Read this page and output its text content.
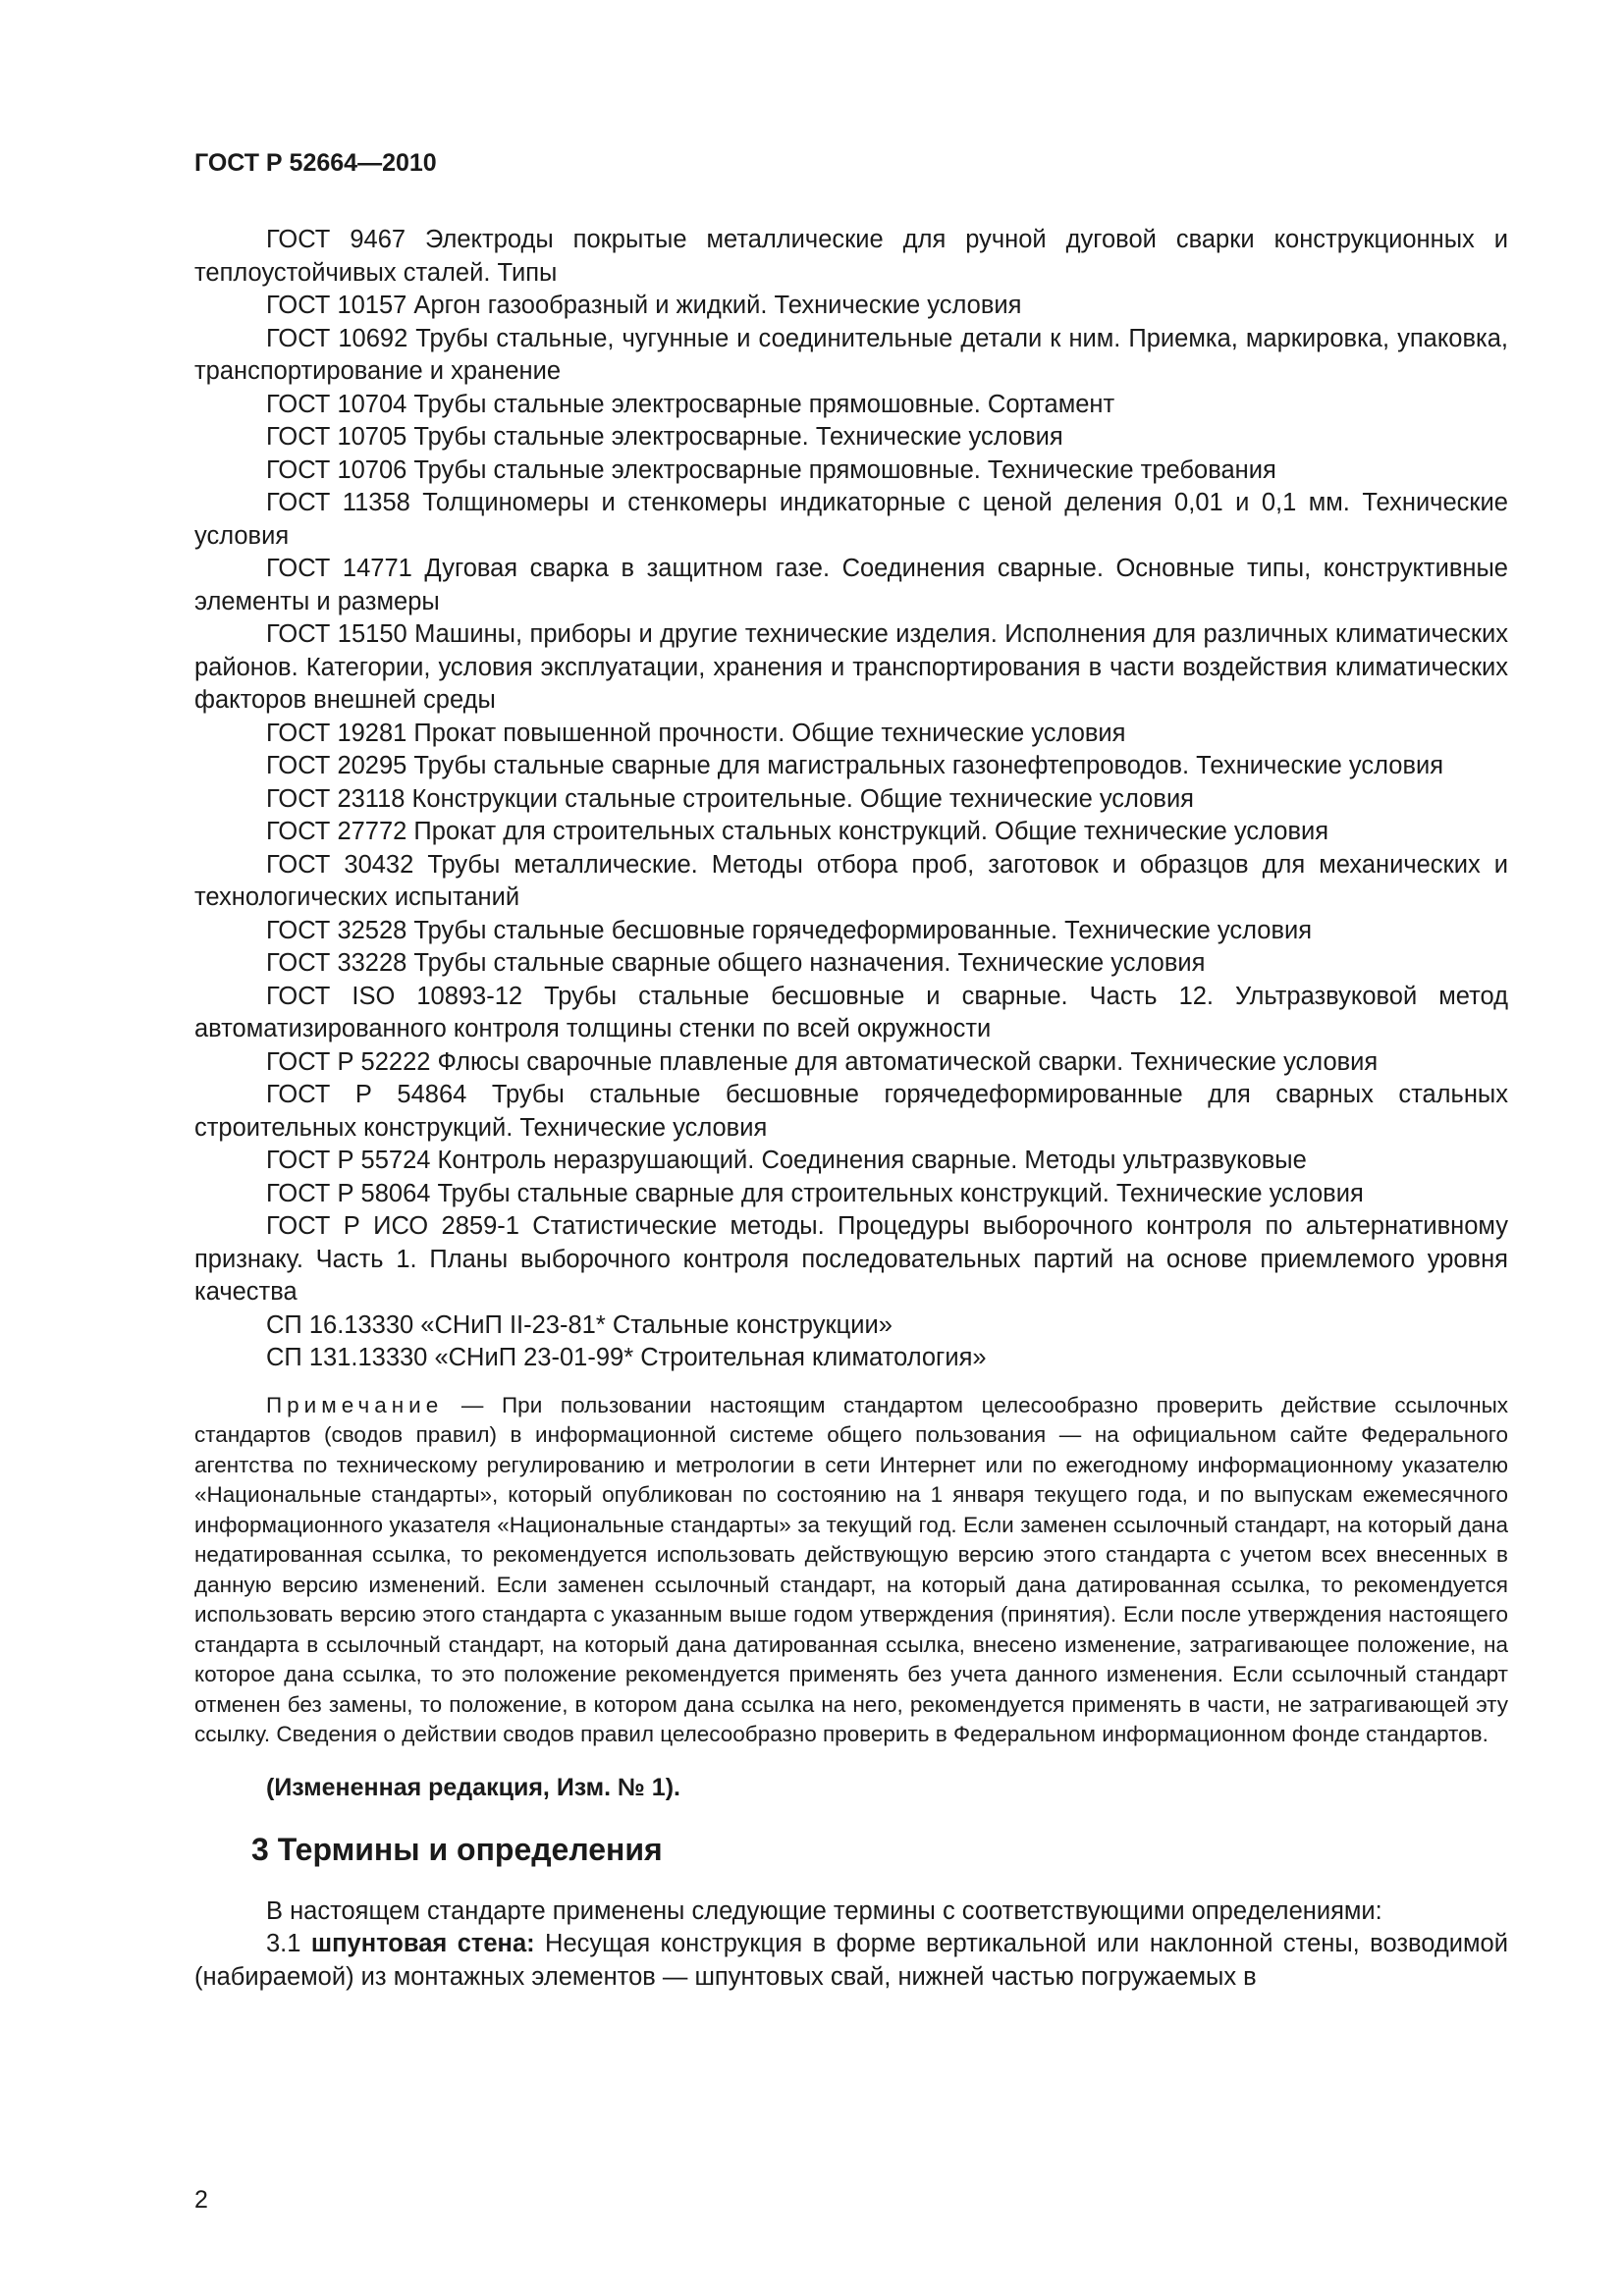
ГОСТ Р 52664—2010

ГОСТ 9467 Электроды покрытые металлические для ручной дуговой сварки конструкционных и теплоустойчивых сталей. Типы

ГОСТ 10157 Аргон газообразный и жидкий. Технические условия

ГОСТ 10692 Трубы стальные, чугунные и соединительные детали к ним. Приемка, маркировка, упаковка, транспортирование и хранение

ГОСТ 10704 Трубы стальные электросварные прямошовные. Сортамент

ГОСТ 10705 Трубы стальные электросварные. Технические условия

ГОСТ 10706 Трубы стальные электросварные прямошовные. Технические требования

ГОСТ 11358 Толщиномеры и стенкомеры индикаторные с ценой деления 0,01 и 0,1 мм. Технические условия

ГОСТ 14771 Дуговая сварка в защитном газе. Соединения сварные. Основные типы, конструктивные элементы и размеры

ГОСТ 15150 Машины, приборы и другие технические изделия. Исполнения для различных климатических районов. Категории, условия эксплуатации, хранения и транспортирования в части воздействия климатических факторов внешней среды

ГОСТ 19281 Прокат повышенной прочности. Общие технические условия

ГОСТ 20295 Трубы стальные сварные для магистральных газонефтепроводов. Технические условия

ГОСТ 23118 Конструкции стальные строительные. Общие технические условия

ГОСТ 27772 Прокат для строительных стальных конструкций. Общие технические условия

ГОСТ 30432 Трубы металлические. Методы отбора проб, заготовок и образцов для механических и технологических испытаний

ГОСТ 32528 Трубы стальные бесшовные горячедеформированные. Технические условия

ГОСТ 33228 Трубы стальные сварные общего назначения. Технические условия

ГОСТ ISO 10893-12 Трубы стальные бесшовные и сварные. Часть 12. Ультразвуковой метод автоматизированного контроля толщины стенки по всей окружности

ГОСТ Р 52222 Флюсы сварочные плавленые для автоматической сварки. Технические условия

ГОСТ Р 54864 Трубы стальные бесшовные горячедеформированные для сварных стальных строительных конструкций. Технические условия

ГОСТ Р 55724 Контроль неразрушающий. Соединения сварные. Методы ультразвуковые

ГОСТ Р 58064 Трубы стальные сварные для строительных конструкций. Технические условия

ГОСТ Р ИСО 2859-1 Статистические методы. Процедуры выборочного контроля по альтернативному признаку. Часть 1. Планы выборочного контроля последовательных партий на основе приемлемого уровня качества

СП 16.13330 «СНиП II-23-81* Стальные конструкции»

СП 131.13330 «СНиП 23-01-99* Строительная климатология»

Примечание — При пользовании настоящим стандартом целесообразно проверить действие ссылочных стандартов (сводов правил) в информационной системе общего пользования — на официальном сайте Федерального агентства по техническому регулированию и метрологии в сети Интернет или по ежегодному информационному указателю «Национальные стандарты», который опубликован по состоянию на 1 января текущего года, и по выпускам ежемесячного информационного указателя «Национальные стандарты» за текущий год. Если заменен ссылочный стандарт, на который дана недатированная ссылка, то рекомендуется использовать действующую версию этого стандарта с учетом всех внесенных в данную версию изменений. Если заменен ссылочный стандарт, на который дана датированная ссылка, то рекомендуется использовать версию этого стандарта с указанным выше годом утверждения (принятия). Если после утверждения настоящего стандарта в ссылочный стандарт, на который дана датированная ссылка, внесено изменение, затрагивающее положение, на которое дана ссылка, то это положение рекомендуется применять без учета данного изменения. Если ссылочный стандарт отменен без замены, то положение, в котором дана ссылка на него, рекомендуется применять в части, не затрагивающей эту ссылку. Сведения о действии сводов правил целесообразно проверить в Федеральном информационном фонде стандартов.

(Измененная редакция, Изм. № 1).

3 Термины и определения

В настоящем стандарте применены следующие термины с соответствующими определениями:

3.1 шпунтовая стена: Несущая конструкция в форме вертикальной или наклонной стены, возводимой (набираемой) из монтажных элементов — шпунтовых свай, нижней частью погружаемых в

2
